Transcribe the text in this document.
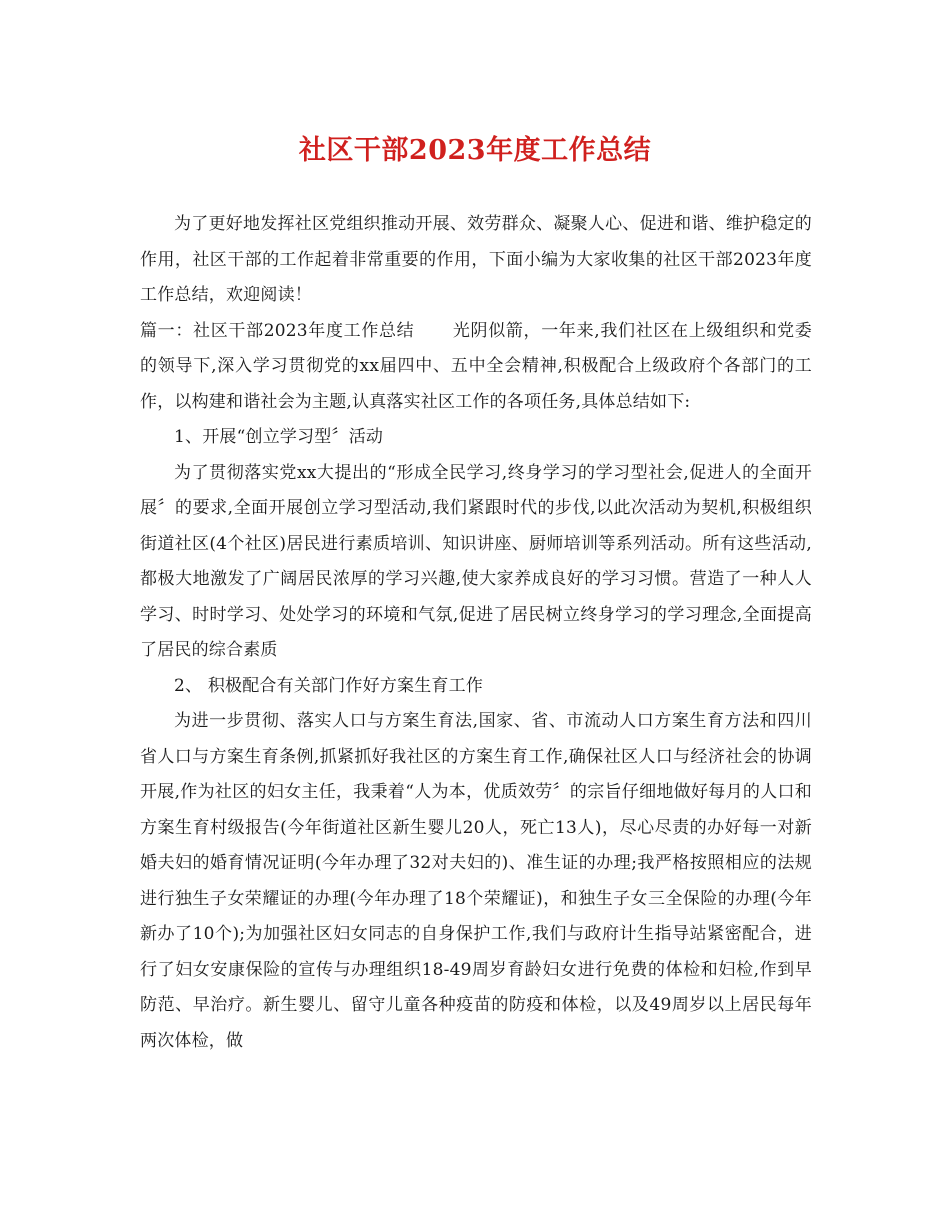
社区干部2023年度工作总结

为了更好地发挥社区党组织推动开展、效劳群众、凝聚人心、促进和谐、维护稳定的作用，社区干部的工作起着非常重要的作用，下面小编为大家收集的社区干部2023年度工作总结，欢迎阅读！

篇一：社区干部2023年度工作总结 光阴似箭，一年来,我们社区在上级组织和党委的领导下,深入学习贯彻党的xx届四中、五中全会精神,积极配合上级政府个各部门的工作，以构建和谐社会为主题,认真落实社区工作的各项任务,具体总结如下:

1、开展“创立学习型〞活动

为了贯彻落实党xx大提出的“形成全民学习,终身学习的学习型社会,促进人的全面开展〞的要求,全面开展创立学习型活动,我们紧跟时代的步伐,以此次活动为契机,积极组织街道社区(4个社区)居民进行素质培训、知识讲座、厨师培训等系列活动。所有这些活动,都极大地激发了广阔居民浓厚的学习兴趣,使大家养成良好的学习习惯。营造了一种人人学习、时时学习、处处学习的环境和气氛,促进了居民树立终身学习的学习理念,全面提高了居民的综合素质

2、 积极配合有关部门作好方案生育工作

为进一步贯彻、落实人口与方案生育法,国家、省、市流动人口方案生育方法和四川省人口与方案生育条例,抓紧抓好我社区的方案生育工作,确保社区人口与经济社会的协调开展,作为社区的妇女主任，我秉着“人为本，优质效劳〞的宗旨仔细地做好每月的人口和方案生育村级报告(今年街道社区新生婴儿20人，死亡13人)，尽心尽责的办好每一对新婚夫妇的婚育情况证明(今年办理了32对夫妇的)、准生证的办理;我严格按照相应的法规进行独生子女荣耀证的办理(今年办理了18个荣耀证)，和独生子女三全保险的办理(今年新办了10个);为加强社区妇女同志的自身保护工作,我们与政府计生指导站紧密配合，进行了妇女安康保险的宣传与办理组织18-49周岁育龄妇女进行免费的体检和妇检,作到早防范、早治疗。新生婴儿、留守儿童各种疫苗的防疫和体检，以及49周岁以上居民每年两次体检，做
